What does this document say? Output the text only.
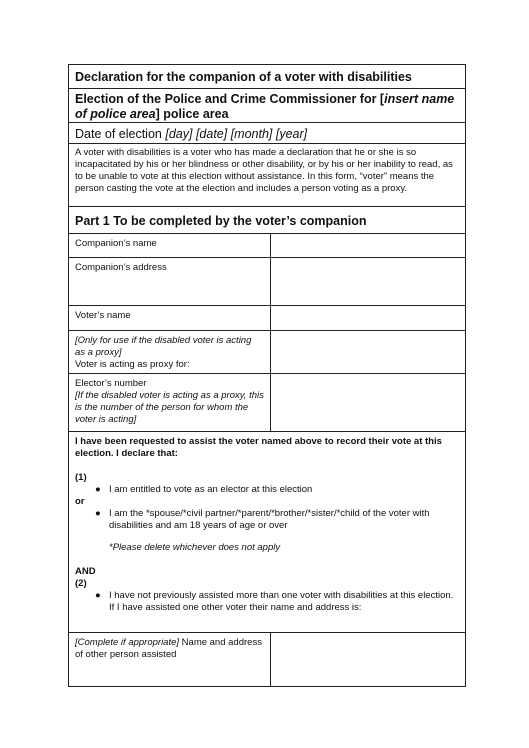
Declaration for the companion of a voter with disabilities
Election of the Police and Crime Commissioner for [insert name of police area] police area
Date of election [day] [date] [month] [year]
A voter with disabilities is a voter who has made a declaration that he or she is so incapacitated by his or her blindness or other disability, or by his or her inability to read, as to be unable to vote at this election without assistance. In this form, “voter” means the person casting the vote at the election and includes a person voting as a proxy.
Part 1 To be completed by the voter’s companion
Companion’s name
Companion’s address
Voter’s name
[Only for use if the disabled voter is acting as a proxy]
Voter is acting as proxy for:
Elector’s number
[If the disabled voter is acting as a proxy, this is the number of the person for whom the voter is acting]
I have been requested to assist the voter named above to record their vote at this election. I declare that:
(1)
● I am entitled to vote as an elector at this election
or
● I am the *spouse/*civil partner/*parent/*brother/*sister/*child of the voter with disabilities and am 18 years of age or over
*Please delete whichever does not apply
AND
(2)
● I have not previously assisted more than one voter with disabilities at this election.
If I have assisted one other voter their name and address is:
[Complete if appropriate] Name and address of other person assisted
